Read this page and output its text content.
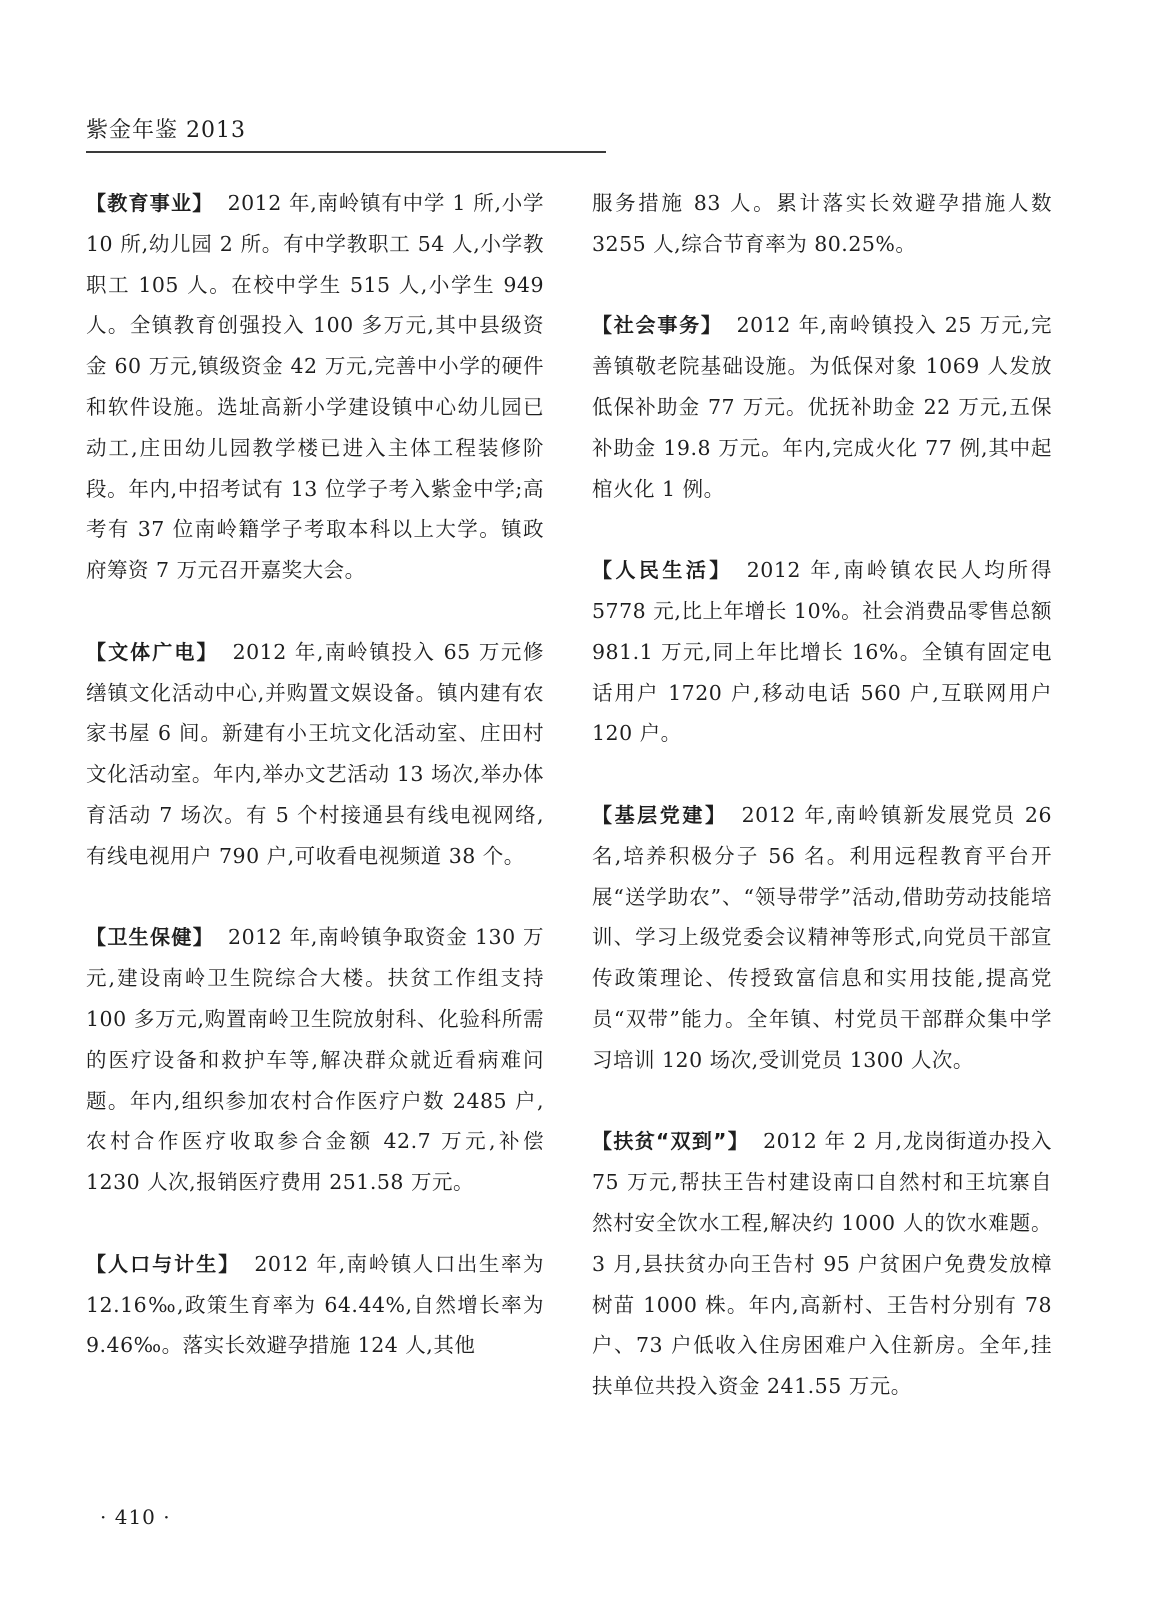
紫金年鉴 2013

【教育事业】 2012 年,南岭镇有中学 1 所,小学10 所,幼儿园 2 所。有中学教职工 54 人,小学教职工 105 人。在校中学生 515 人,小学生 949 人。全镇教育创强投入 100 多万元,其中县级资金 60 万元,镇级资金 42 万元,完善中小学的硬件和软件设施。选址高新小学建设镇中心幼儿园已动工,庄田幼儿园教学楼已进入主体工程装修阶段。年内,中招考试有 13 位学子考入紫金中学;高考有 37 位南岭籍学子考取本科以上大学。镇政府筹资 7 万元召开嘉奖大会。

【文体广电】 2012 年,南岭镇投入 65 万元修缮镇文化活动中心,并购置文娱设备。镇内建有农家书屋 6 间。新建有小王坑文化活动室、庄田村文化活动室。年内,举办文艺活动 13 场次,举办体育活动 7 场次。有 5 个村接通县有线电视网络,有线电视用户 790 户,可收看电视频道 38 个。

【卫生保健】 2012 年,南岭镇争取资金 130 万元,建设南岭卫生院综合大楼。扶贫工作组支持 100 多万元,购置南岭卫生院放射科、化验科所需的医疗设备和救护车等,解决群众就近看病难问题。年内,组织参加农村合作医疗户数 2485 户,农村合作医疗收取参合金额 42.7 万元,补偿 1230 人次,报销医疗费用 251.58 万元。

【人口与计生】 2012 年,南岭镇人口出生率为 12.16‰,政策生育率为 64.44%,自然增长率为 9.46‰。落实长效避孕措施 124 人,其他

服务措施 83 人。累计落实长效避孕措施人数 3255 人,综合节育率为 80.25%。

【社会事务】 2012 年,南岭镇投入 25 万元,完善镇敬老院基础设施。为低保对象 1069 人发放低保补助金 77 万元。优抚补助金 22 万元,五保补助金 19.8 万元。年内,完成火化 77 例,其中起棺火化 1 例。

【人民生活】 2012 年,南岭镇农民人均所得 5778 元,比上年增长 10%。社会消费品零售总额 981.1 万元,同上年比增长 16%。全镇有固定电话用户 1720 户,移动电话 560 户,互联网用户 120 户。

【基层党建】 2012 年,南岭镇新发展党员 26 名,培养积极分子 56 名。利用远程教育平台开展“送学助农”、“领导带学”活动,借助劳动技能培训、学习上级党委会议精神等形式,向党员干部宣传政策理论、传授致富信息和实用技能,提高党员“双带”能力。全年镇、村党员干部群众集中学习培训 120 场次,受训党员 1300 人次。

【扶贫“双到”】 2012 年 2 月,龙岗街道办投入 75 万元,帮扶王告村建设南口自然村和王坑寨自然村安全饮水工程,解决约 1000 人的饮水难题。3 月,县扶贫办向王告村 95 户贫困户免费发放樟树苗 1000 株。年内,高新村、王告村分别有 78 户、73 户低收入住房困难户入住新房。全年,挂扶单位共投入资金 241.55 万元。

· 410 ·
